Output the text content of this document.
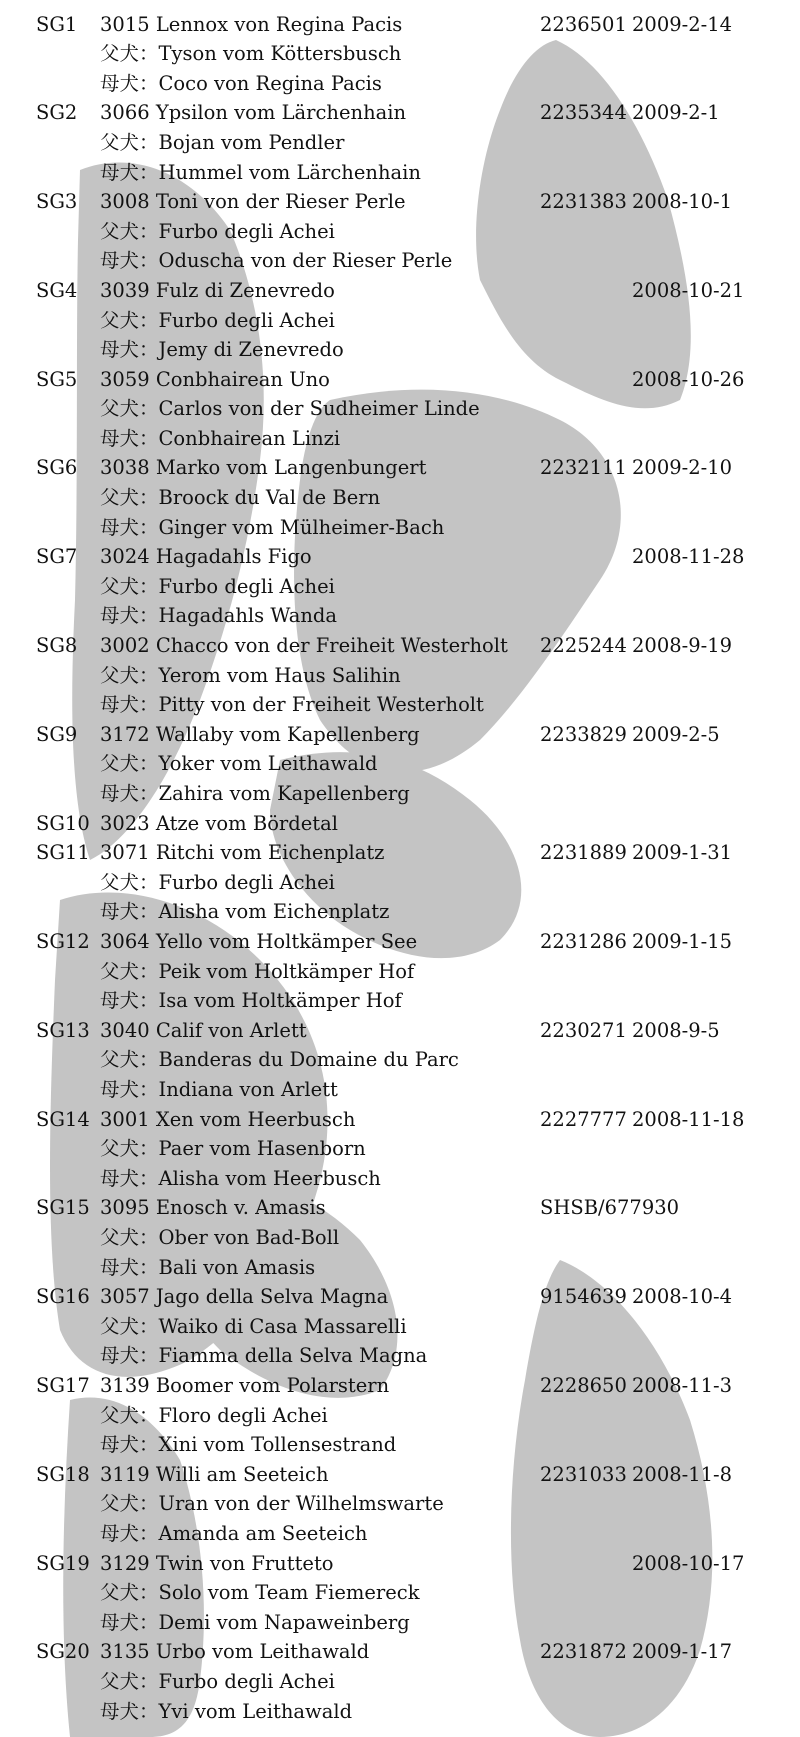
SG1 3015 Lennox von Regina Pacis	2236501 2009-2-14
父犬：Tyson vom Köttersbusch
母犬：Coco von Regina Pacis
SG2 3066 Ypsilon vom Lärchenhain	2235344 2009-2-1
父犬：Bojan vom Pendler
母犬：Hummel vom Lärchenhain
SG3 3008 Toni von der Rieser Perle	2231383 2008-10-1
父犬：Furbo degli Achei
母犬：Oduscha von der Rieser Perle
SG4 3039 Fulz di Zenevredo	2008-10-21
父犬：Furbo degli Achei
母犬：Jemy di Zenevredo
SG5 3059 Conbhairean Uno	2008-10-26
父犬：Carlos von der Sudheimer Linde
母犬：Conbhairean Linzi
SG6 3038 Marko vom Langenbungert	2232111 2009-2-10
父犬：Broock du Val de Bern
母犬：Ginger vom Mülheimer-Bach
SG7 3024 Hagadahls Figo	2008-11-28
父犬：Furbo degli Achei
母犬：Hagadahls Wanda
SG8 3002 Chacco von der Freiheit Westerholt 2225244 2008-9-19
父犬：Yerom vom Haus Salihin
母犬：Pitty von der Freiheit Westerholt
SG9 3172 Wallaby vom Kapellenberg	2233829 2009-2-5
父犬：Yoker vom Leithawald
母犬：Zahira vom Kapellenberg
SG10 3023 Atze vom Bördetal
SG11 3071 Ritchi vom Eichenplatz	2231889 2009-1-31
父犬：Furbo degli Achei
母犬：Alisha vom Eichenplatz
SG12 3064 Yello vom Holtkämper See	2231286 2009-1-15
父犬：Peik vom Holtkämper Hof
母犬：Isa vom Holtkämper Hof
SG13 3040 Calif von Arlett	2230271 2008-9-5
父犬：Banderas du Domaine du Parc
母犬：Indiana von Arlett
SG14 3001 Xen vom Heerbusch	2227777 2008-11-18
父犬：Paer vom Hasenborn
母犬：Alisha vom Heerbusch
SG15 3095 Enosch v. Amasis	SHSB/677930
父犬：Ober von Bad-Boll
母犬：Bali von Amasis
SG16 3057 Jago della Selva Magna	9154639 2008-10-4
父犬：Waiko di Casa Massarelli
母犬：Fiamma della Selva Magna
SG17 3139 Boomer vom Polarstern	2228650 2008-11-3
父犬：Floro degli Achei
母犬：Xini vom Tollensestrand
SG18 3119 Willi am Seeteich	2231033 2008-11-8
父犬：Uran von der Wilhelmswarte
母犬：Amanda am Seeteich
SG19 3129 Twin von Frutteto	2008-10-17
父犬：Solo vom Team Fiemereck
母犬：Demi vom Napaweinberg
SG20 3135 Urbo vom Leithawald	2231872 2009-1-17
父犬：Furbo degli Achei
母犬：Yvi vom Leithawald
